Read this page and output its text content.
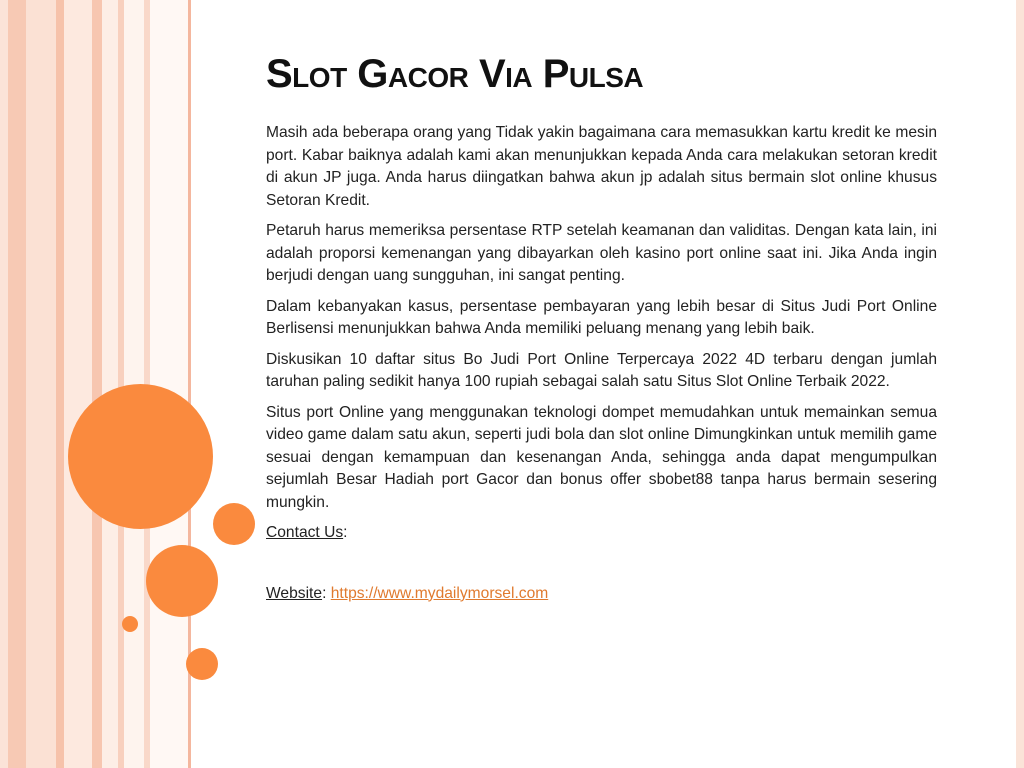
Slot Gacor Via Pulsa

Masih ada beberapa orang yang Tidak yakin bagaimana cara memasukkan kartu kredit ke mesin port. Kabar baiknya adalah kami akan menunjukkan kepada Anda cara melakukan setoran kredit di akun JP juga. Anda harus diingatkan bahwa akun jp adalah situs bermain slot online khusus Setoran Kredit.

Petaruh harus memeriksa persentase RTP setelah keamanan dan validitas. Dengan kata lain, ini adalah proporsi kemenangan yang dibayarkan oleh kasino port online saat ini. Jika Anda ingin berjudi dengan uang sungguhan, ini sangat penting.

Dalam kebanyakan kasus, persentase pembayaran yang lebih besar di Situs Judi Port Online Berlisensi menunjukkan bahwa Anda memiliki peluang menang yang lebih baik.

Diskusikan 10 daftar situs Bo Judi Port Online Terpercaya 2022 4D terbaru dengan jumlah taruhan paling sedikit hanya 100 rupiah sebagai salah satu Situs Slot Online Terbaik 2022.

Situs port Online yang menggunakan teknologi dompet memudahkan untuk memainkan semua video game dalam satu akun, seperti judi bola dan slot online Dimungkinkan untuk memilih game sesuai dengan kemampuan dan kesenangan Anda, sehingga anda dapat mengumpulkan sejumlah Besar Hadiah port Gacor dan bonus offer sbobet88 tanpa harus bermain sesering mungkin.

Contact Us:

Website: https://www.mydailymorsel.com
